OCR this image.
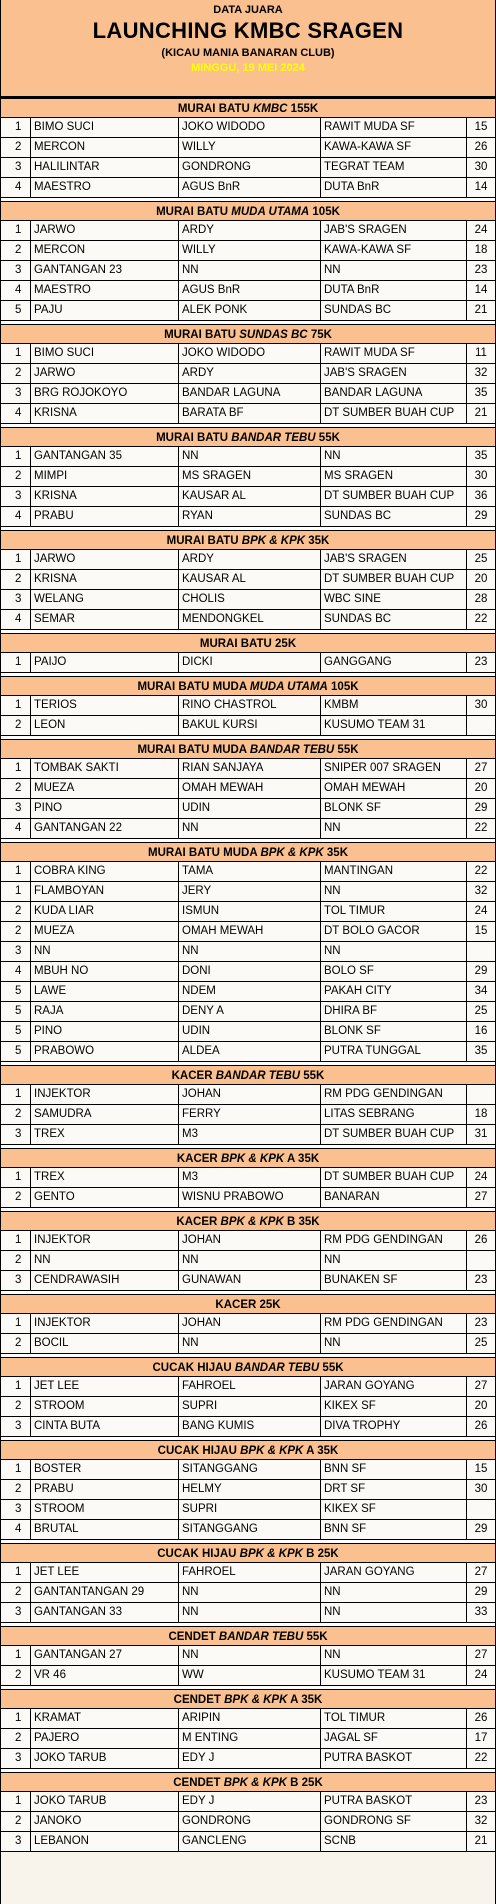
DATA JUARA
LAUNCHING KMBC SRAGEN
(KICAU MANIA BANARAN CLUB)
MINGGU, 19 MEI 2024
MURAI BATU KMBC 155K
1	BIMO SUCI	JOKO WIDODO	RAWIT MUDA SF	15
2	MERCON	WILLY	KAWA-KAWA SF	26
3	HALILINTAR	GONDRONG	TEGRAT TEAM	30
4	MAESTRO	AGUS BnR	DUTA BnR	14
MURAI BATU MUDA UTAMA 105K
1	JARWO	ARDY	JAB'S SRAGEN	24
2	MERCON	WILLY	KAWA-KAWA SF	18
3	GANTANGAN 23	NN	NN	23
4	MAESTRO	AGUS BnR	DUTA BnR	14
5	PAJU	ALEK PONK	SUNDAS BC	21
MURAI BATU SUNDAS BC 75K
1	BIMO SUCI	JOKO WIDODO	RAWIT MUDA SF	11
2	JARWO	ARDY	JAB'S SRAGEN	32
3	BRG ROJOKOYO	BANDAR LAGUNA	BANDAR LAGUNA	35
4	KRISNA	BARATA BF	DT SUMBER BUAH CUP	21
MURAI BATU BANDAR TEBU 55K
1	GANTANGAN 35	NN	NN	35
2	MIMPI	MS SRAGEN	MS SRAGEN	30
3	KRISNA	KAUSAR AL	DT SUMBER BUAH CUP	36
4	PRABU	RYAN	SUNDAS BC	29
MURAI BATU BPK & KPK 35K
1	JARWO	ARDY	JAB'S SRAGEN	25
2	KRISNA	KAUSAR AL	DT SUMBER BUAH CUP	20
3	WELANG	CHOLIS	WBC SINE	28
4	SEMAR	MENDONGKEL	SUNDAS BC	22
MURAI BATU 25K
1	PAIJO	DICKI	GANGGANG	23
MURAI BATU MUDA MUDA UTAMA 105K
1	TERIOS	RINO CHASTROL	KMBM	30
2	LEON	BAKUL KURSI	KUSUMO TEAM 31
MURAI BATU MUDA BANDAR TEBU 55K
1	TOMBAK SAKTI	RIAN SANJAYA	SNIPER 007 SRAGEN	27
2	MUEZA	OMAH MEWAH	OMAH MEWAH	20
3	PINO	UDIN	BLONK SF	29
4	GANTANGAN 22	NN	NN	22
MURAI BATU MUDA BPK & KPK 35K
1	COBRA KING	TAMA	MANTINGAN	22
1	FLAMBOYAN	JERY	NN	32
2	KUDA LIAR	ISMUN	TOL TIMUR	24
2	MUEZA	OMAH MEWAH	DT BOLO GACOR	15
3	NN	NN	NN
4	MBUH NO	DONI	BOLO SF	29
5	LAWE	NDEM	PAKAH CITY	34
5	RAJA	DENY A	DHIRA BF	25
5	PINO	UDIN	BLONK SF	16
5	PRABOWO	ALDEA	PUTRA TUNGGAL	35
KACER BANDAR TEBU 55K
1	INJEKTOR	JOHAN	RM PDG GENDINGAN
2	SAMUDRA	FERRY	LITAS SEBRANG	18
3	TREX	M3	DT SUMBER BUAH CUP	31
KACER BPK & KPK A 35K
1	TREX	M3	DT SUMBER BUAH CUP	24
2	GENTO	WISNU PRABOWO	BANARAN	27
KACER BPK & KPK B 35K
1	INJEKTOR	JOHAN	RM PDG GENDINGAN	26
2	NN	NN	NN
3	CENDRAWASIH	GUNAWAN	BUNAKEN SF	23
KACER 25K
1	INJEKTOR	JOHAN	RM PDG GENDINGAN	23
2	BOCIL	NN	NN	25
CUCAK HIJAU BANDAR TEBU 55K
1	JET LEE	FAHROEL	JARAN GOYANG	27
2	STROOM	SUPRI	KIKEX SF	20
3	CINTA BUTA	BANG KUMIS	DIVA TROPHY	26
CUCAK HIJAU BPK & KPK A 35K
1	BOSTER	SITANGGANG	BNN SF	15
2	PRABU	HELMY	DRT SF	30
3	STROOM	SUPRI	KIKEX SF
4	BRUTAL	SITANGGANG	BNN SF	29
CUCAK HIJAU BPK & KPK B 25K
1	JET LEE	FAHROEL	JARAN GOYANG	27
2	GANTANTANGAN 29	NN	NN	29
3	GANTANGAN 33	NN	NN	33
CENDET BANDAR TEBU 55K
1	GANTANGAN 27	NN	NN	27
2	VR 46	WW	KUSUMO TEAM 31	24
CENDET BPK & KPK A 35K
1	KRAMAT	ARIPIN	TOL TIMUR	26
2	PAJERO	M ENTING	JAGAL SF	17
3	JOKO TARUB	EDY J	PUTRA BASKOT	22
CENDET BPK & KPK B 25K
1	JOKO TARUB	EDY J	PUTRA BASKOT	23
2	JANOKO	GONDRONG	GONDRONG SF	32
3	LEBANON	GANCLENG	SCNB	21
